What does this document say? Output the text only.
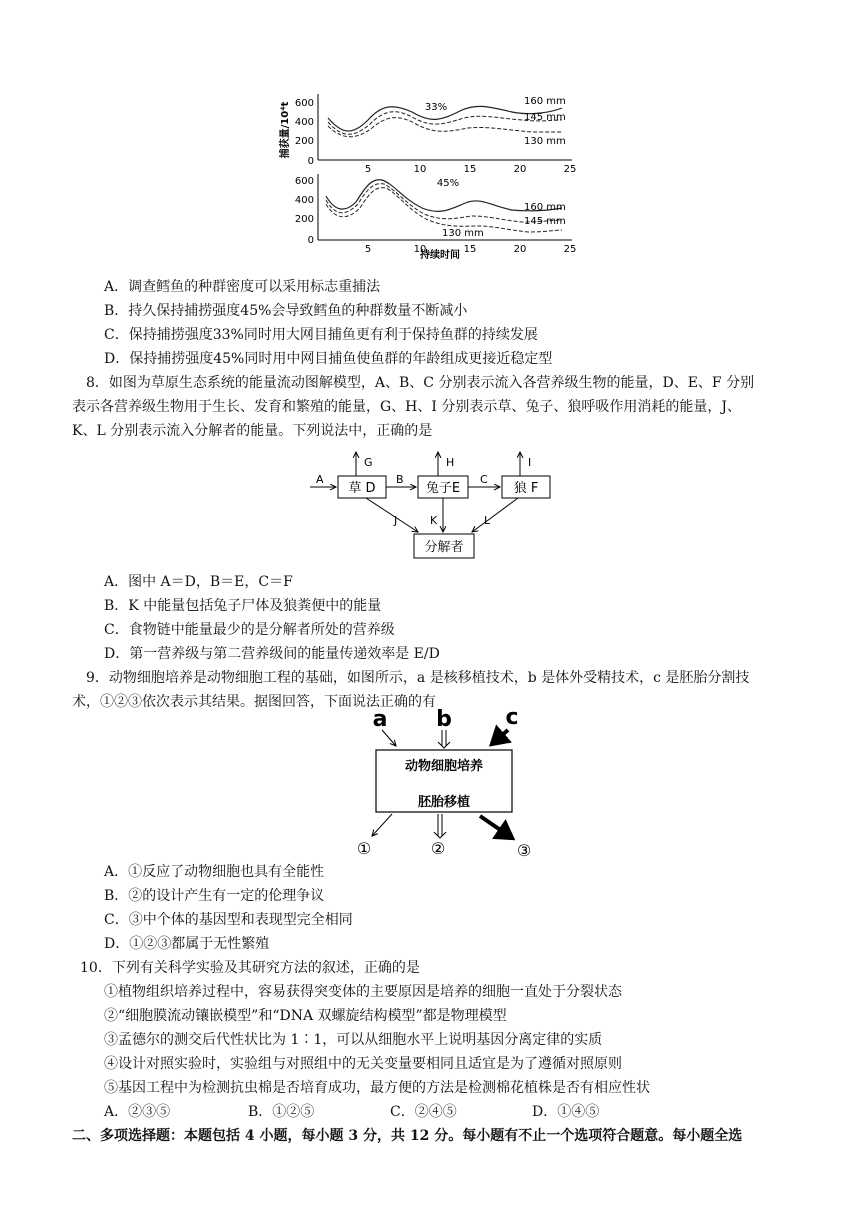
捕获量/10⁴t 600
400
200
0
5	10	15	20	25
33%
160 mm
145 mm
130 mm
600
400
200
0
5	10	15	20	25
45%
160 mm
145 mm
130 mm
持续时间
A．调查鳕鱼的种群密度可以采用标志重捕法
B．持久保持捕捞强度45%会导致鳕鱼的种群数量不断减小
C．保持捕捞强度33%同时用大网目捕鱼更有利于保持鱼群的持续发展
D．保持捕捞强度45%同时用中网目捕鱼使鱼群的年龄组成更接近稳定型
8．如图为草原生态系统的能量流动图解模型，A、B、C 分别表示流入各营养级生物的能量，D、E、F 分别
表示各营养级生物用于生长、发育和繁殖的能量，G、H、I 分别表示草、兔子、狼呼吸作用消耗的能量，J、
K、L 分别表示流入分解者的能量。下列说法中，正确的是
草 D	兔子E	狼 F
分解者
A	B	C
G	H	I
J	K	L
A．图中 A＝D，B＝E，C＝F
B．K 中能量包括兔子尸体及狼粪便中的能量
C．食物链中能量最少的是分解者所处的营养级
D．第一营养级与第二营养级间的能量传递效率是 E/D
9．动物细胞培养是动物细胞工程的基础，如图所示，a 是核移植技术，b 是体外受精技术，c 是胚胎分割技
术，①②③依次表示其结果。据图回答，下面说法正确的有
a b c
动物细胞培养
胚胎移植
①	②	③
A．①反应了动物细胞也具有全能性
B．②的设计产生有一定的伦理争议
C．③中个体的基因型和表现型完全相同
D．①②③都属于无性繁殖
10．下列有关科学实验及其研究方法的叙述，正确的是
①植物组织培养过程中，容易获得突变体的主要原因是培养的细胞一直处于分裂状态
②“细胞膜流动镶嵌模型”和“DNA 双螺旋结构模型”都是物理模型
③孟德尔的测交后代性状比为 1∶1，可以从细胞水平上说明基因分离定律的实质
④设计对照实验时，实验组与对照组中的无关变量要相同且适宜是为了遵循对照原则
⑤基因工程中为检测抗虫棉是否培育成功，最方便的方法是检测棉花植株是否有相应性状
A．②③⑤	B．①②⑤	C．②④⑤	D．①④⑤
二、多项选择题：本题包括 4 小题，每小题 3 分，共 12 分。每小题有不止一个选项符合题意。每小题全选
